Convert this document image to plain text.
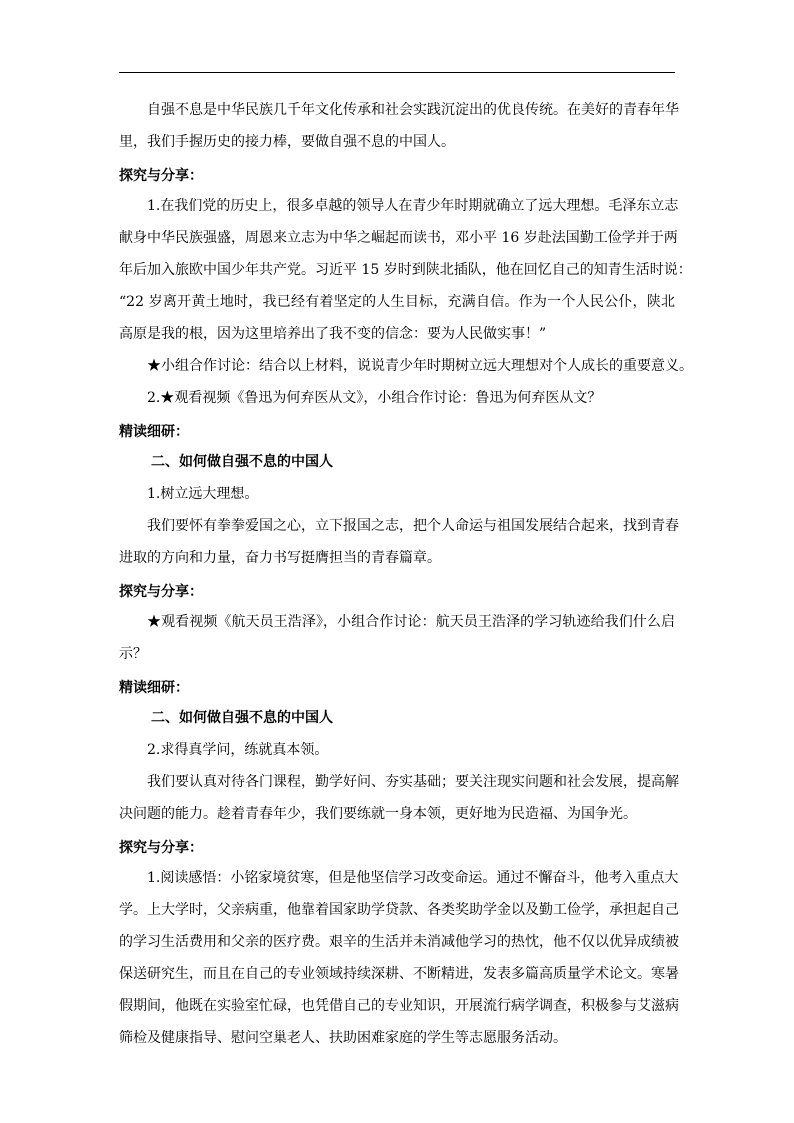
自强不息是中华民族几千年文化传承和社会实践沉淀出的优良传统。在美好的青春年华
里，我们手握历史的接力棒，要做自强不息的中国人。
探究与分享：
1.在我们党的历史上，很多卓越的领导人在青少年时期就确立了远大理想。毛泽东立志
献身中华民族强盛，周恩来立志为中华之崛起而读书，邓小平 16 岁赴法国勤工俭学并于两
年后加入旅欧中国少年共产党。习近平 15 岁时到陕北插队，他在回忆自己的知青生活时说：
“22 岁离开黄土地时，我已经有着坚定的人生目标，充满自信。作为一个人民公仆，陕北
高原是我的根，因为这里培养出了我不变的信念：要为人民做实事！”
★小组合作讨论：结合以上材料，说说青少年时期树立远大理想对个人成长的重要意义。
2.★观看视频《鲁迅为何弃医从文》，小组合作讨论：鲁迅为何弃医从文？
精读细研：
二、如何做自强不息的中国人
1.树立远大理想。
我们要怀有拳拳爱国之心，立下报国之志，把个人命运与祖国发展结合起来，找到青春
进取的方向和力量，奋力书写挺膺担当的青春篇章。
探究与分享：
★观看视频《航天员王浩泽》，小组合作讨论：航天员王浩泽的学习轨迹给我们什么启
示？
精读细研：
二、如何做自强不息的中国人
2.求得真学问，练就真本领。
我们要认真对待各门课程，勤学好问、夯实基础；要关注现实问题和社会发展，提高解
决问题的能力。趁着青春年少，我们要练就一身本领，更好地为民造福、为国争光。
探究与分享：
1.阅读感悟：小铭家境贫寒，但是他坚信学习改变命运。通过不懈奋斗，他考入重点大
学。上大学时，父亲病重，他靠着国家助学贷款、各类奖助学金以及勤工俭学，承担起自己
的学习生活费用和父亲的医疗费。艰辛的生活并未消减他学习的热忱，他不仅以优异成绩被
保送研究生，而且在自己的专业领域持续深耕、不断精进，发表多篇高质量学术论文。寒暑
假期间，他既在实验室忙碌，也凭借自己的专业知识，开展流行病学调查，积极参与艾滋病
筛检及健康指导、慰问空巢老人、扶助困难家庭的学生等志愿服务活动。
